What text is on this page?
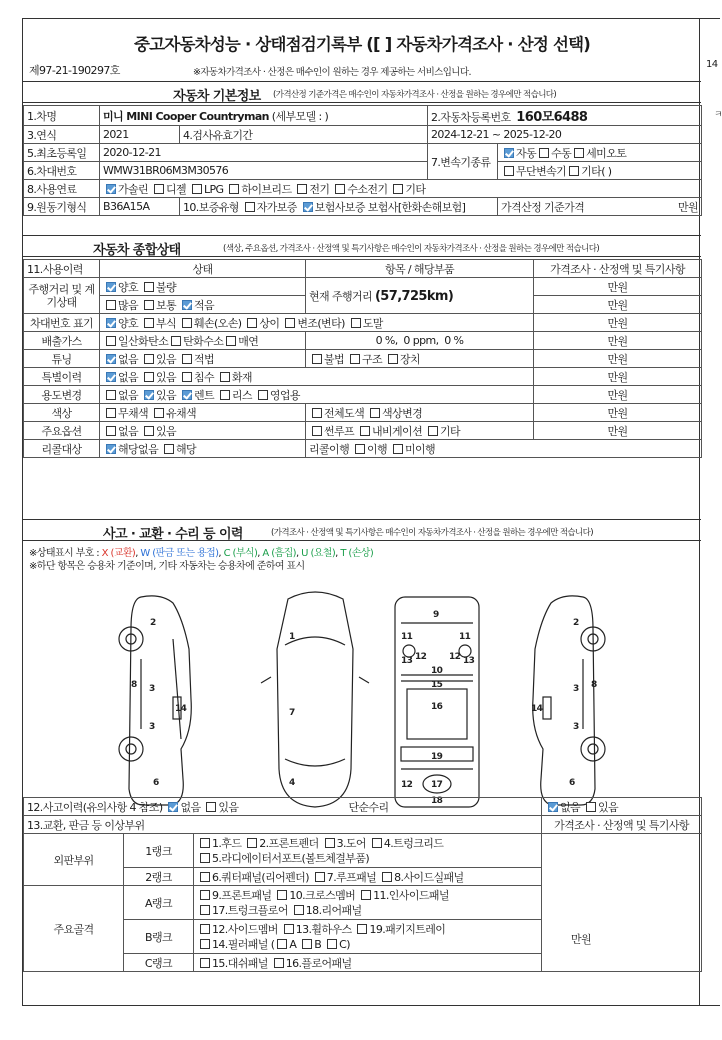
14
ㅋ
중고자동차성능 · 상태점검기록부 ([ ] 자동차가격조사 · 산정 선택)
제97-21-190297호	※자동차가격조사 · 산정은 매수인이 원하는 경우 제공하는 서비스입니다.
자동차 기본정보 (가격산정 기준가격은 매수인이 자동차가격조사 · 산정을 원하는 경우에만 적습니다)
1.차명	미니 MINI Cooper Countryman (세부모델 : )		2.자동차등록번호 160모6488	
3.연식	2021	4.검사유효기간	2024-12-21 ~ 2025-12-20	
5.최초등록일	2020-12-21		7.변속기종류	자동 수동 세미오토
6.차대번호	WMW31BR06M3M30576			무단변속기 기타( )
8.사용연료	가솔린 디젤 LPG 하이브리드 전기 수소전기 기타			
9.원동기형식	B36A15A	10.보증유형 자가보증 보험사보증 보험사[한화손해보험]		가격산정 기준가격 만원
자동차 종합상태	(색상, 주요옵션, 가격조사 · 산정액 및 특기사항은 매수인이 자동차가격조사 · 산정을 원하는 경우에만 적습니다)
11.사용이력	상태	항목 / 해당부품	가격조사 · 산정액 및 특기사항
주행거리 및 계기상태	양호 불량	현재 주행거리 (57,725km)	만원
	많음 보통 적음		만원
차대번호 표기	양호 부식 훼손(오손) 상이 변조(변타) 도말		만원
배출가스	일산화탄소 탄화수소 매연	0 %,  0 ppm,  0 %	만원
튜닝	없음 있음 적법	불법 구조 장치	만원
특별이력	없음 있음 침수 화재		만원
용도변경	없음 있음 렌트 리스 영업용		만원
색상	무채색 유채색	전체도색 색상변경	만원
주요옵션	없음 있음	썬루프 내비게이션 기타	만원
리콜대상	해당없음 해당	리콜이행 이행 미이행	
사고 · 교환 · 수리 등 이력	(가격조사 · 산정액 및 특기사항은 매수인이 자동차가격조사 · 산정을 원하는 경우에만 적습니다)
※상태표시 부호 : X (교환), W (판금 또는 용접), C (부식), A (흠집), U (요철), T (손상)
※하단 항목은 승용차 기준이며, 기타 자동차는 승용차에 준하여 표시
2
3
3
8
14
6
1
7
4
9
11	11
12	12
13	13
10
15
16
19
17
12
18
2
3
3
8
14
6
12.사고이력(유의사항 4 참조) 없음 있음 단순수리			없음 있음
13.교환, 판금 등 이상부위			가격조사 · 산정액 및 특기사항
외판부위	1랭크	1.후드 2.프론트펜더 3.도어 4.트렁크리드
5.라디에이터서포트(볼트체결부품)	
	2랭크	6.쿼터패널(리어펜더) 7.루프패널 8.사이드실패널	
주요골격	A랭크	9.프론트패널 10.크로스멤버 11.인사이드패널
17.트렁크플로어 18.리어패널	
	B랭크	12.사이드멤버 13.휠하우스 19.패키지트레이
14.필러패널 ( A B C)	
	C랭크	15.대쉬패널 16.플로어패널	
만원
